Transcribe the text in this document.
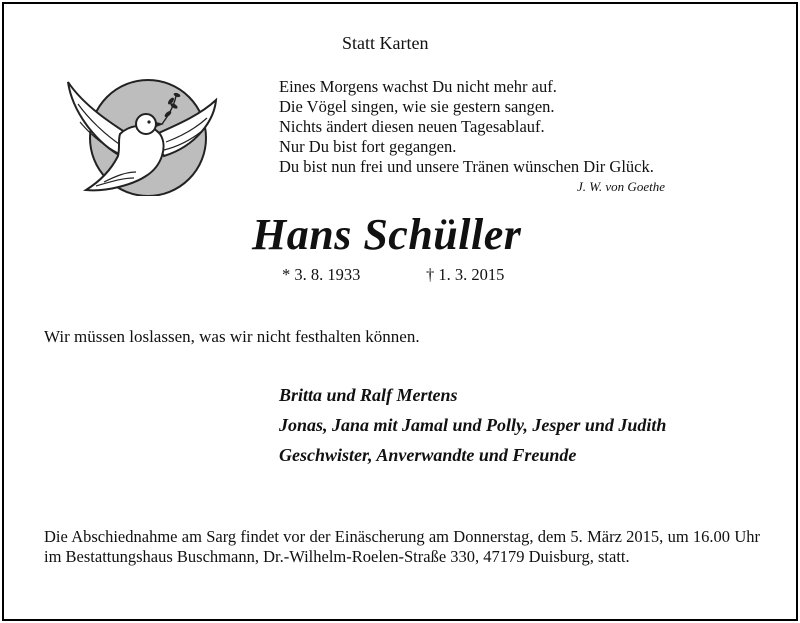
Statt Karten
Eines Morgens wachst Du nicht mehr auf.
Die Vögel singen, wie sie gestern sangen.
Nichts ändert diesen neuen Tagesablauf.
Nur Du bist fort gegangen.
Du bist nun frei und unsere Tränen wünschen Dir Glück.
J. W. von Goethe
Hans Schüller
* 3. 8. 1933	† 1. 3. 2015
Wir müssen loslassen, was wir nicht festhalten können.
Britta und Ralf Mertens
Jonas, Jana mit Jamal und Polly, Jesper und Judith
Geschwister, Anverwandte und Freunde
Die Abschiednahme am Sarg findet vor der Einäscherung am Donnerstag, dem 5. März 2015, um 16.00 Uhr im Bestattungshaus Buschmann, Dr.-Wilhelm-Roelen-Straße 330, 47179 Duisburg, statt.
